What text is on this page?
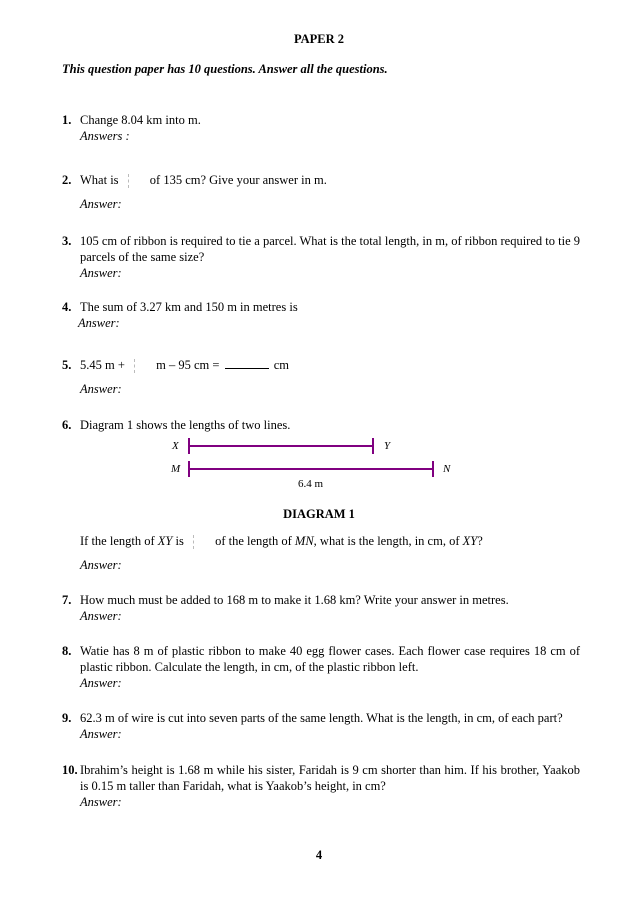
PAPER 2
This question paper has 10 questions. Answer all the questions.
1. Change 8.04 km into m.
Answers :
2. What is	of 135 cm? Give your answer in m.
Answer:
3. 105 cm of ribbon is required to tie a parcel. What is the total length, in m, of ribbon required to tie 9 parcels of the same size?
Answer:
4. The sum of 3.27 km and 150 m in metres is
Answer:
5. 5.45 m +	m – 95 cm =	cm
Answer:
6. Diagram 1 shows the lengths of two lines.
X	Y
M	N
6.4 m
DIAGRAM 1
If the length of XY is	of the length of MN, what is the length, in cm, of XY?
Answer:
7. How much must be added to 168 m to make it 1.68 km? Write your answer in metres.
Answer:
8. Watie has 8 m of plastic ribbon to make 40 egg flower cases. Each flower case requires 18 cm of plastic ribbon. Calculate the length, in cm, of the plastic ribbon left.
Answer:
9. 62.3 m of wire is cut into seven parts of the same length. What is the length, in cm, of each part?
Answer:
10. Ibrahim’s height is 1.68 m while his sister, Faridah is 9 cm shorter than him. If his brother, Yaakob is 0.15 m taller than Faridah, what is Yaakob’s height, in cm?
Answer:
4
